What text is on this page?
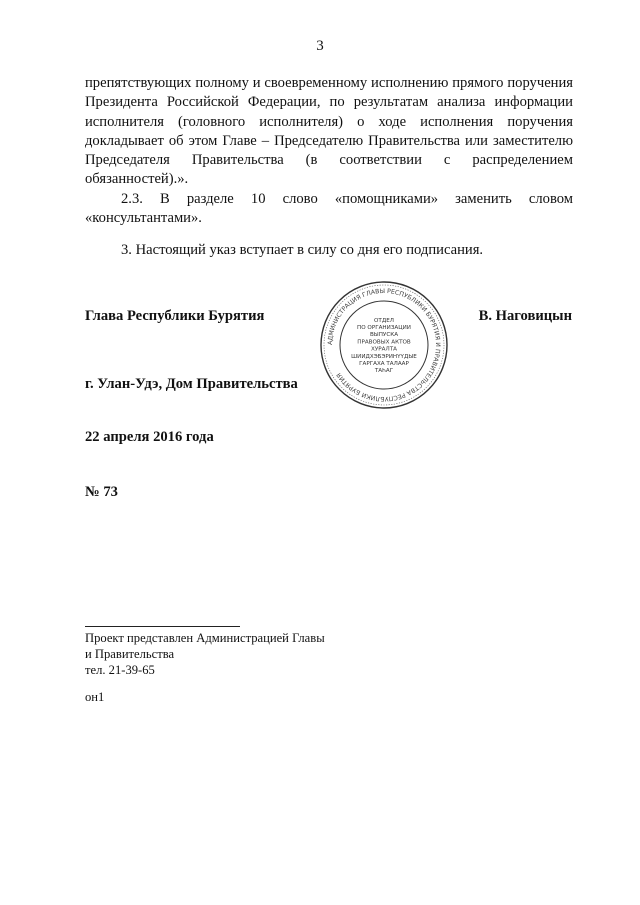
3

препятствующих полному и своевременному исполнению прямого поручения Президента Российской Федерации, по результатам анализа информации исполнителя (головного исполнителя) о ходе исполнения поручения докладывает об этом Главе – Председателю Правительства или заместителю Председателя Правительства (в соответствии с распределением обязанностей).».

2.3. В разделе 10 слово «помощниками» заменить словом «консультантами».

3. Настоящий указ вступает в силу со дня его подписания.

Глава Республики Бурятия	В. Наговицын
г. Улан-Удэ, Дом Правительства
22 апреля 2016 года
№ 73
АДМИНИСТРАЦИЯ ГЛАВЫ РЕСПУБЛИКИ БУРЯТИЯ И ПРАВИТЕЛЬСТВА РЕСПУБЛИКИ БУРЯТИЯ
ОТДЕЛ
ПО ОРГАНИЗАЦИИ
ВЫПУСКА
ПРАВОВЫХ АКТОВ
ХУРАЛТА
ШИИДХЭБЭРИНҮҮДЫЕ
ГАРГАХА ТАЛААР
ТАҺАГ
Проект представлен Администрацией Главы
и Правительства
тел. 21-39-65
он1
